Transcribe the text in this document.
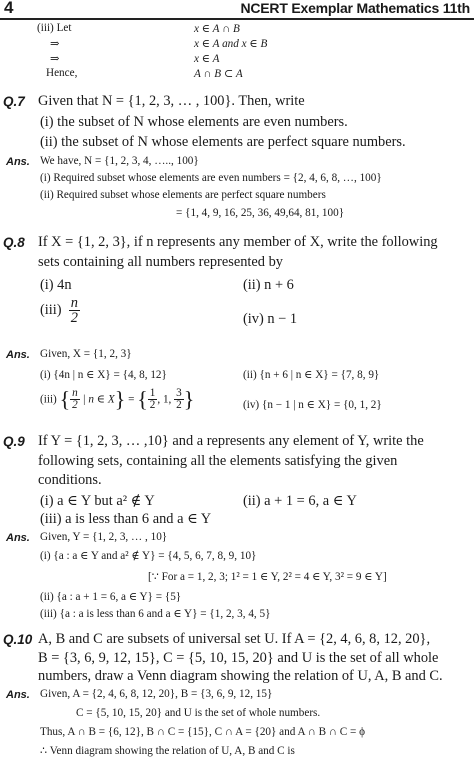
4	NCERT Exemplar Mathematics 11th
(iii) Let	x ∈ A ∩ B
⇒	x ∈ A and x ∈ B
⇒	x ∈ A
Hence,	A ∩ B ⊂ A
Q.7 Given that N = {1, 2, 3, … , 100}. Then, write
(i) the subset of N whose elements are even numbers.
(ii) the subset of N whose elements are perfect square numbers.
Ans. We have, N = {1, 2, 3, 4, ….., 100}
(i) Required subset whose elements are even numbers = {2, 4, 6, 8, …, 100}
(ii) Required subset whose elements are perfect square numbers
= {1, 4, 9, 16, 25, 36, 49,64, 81, 100}
Q.8 If X = {1, 2, 3}, if n represents any member of X, write the following
sets containing all numbers represented by
(i) 4n	(ii) n + 6
$(iii) \frac{n}{2}$	(iv) n − 1
Ans. Given, X = {1, 2, 3}
(i) {4n | n ∈ X} = {4, 8, 12}	(ii) {n + 6 | n ∈ X} = {7, 8, 9}
(iii) { $\frac{n}{2}$ | n ∈ X} = { $\frac{1}{2}$ , 1, $\frac{3}{2}$ }	(iv) {n − 1 | n ∈ X} = {0, 1, 2}
Q.9 If Y = {1, 2, 3, … ,10} and a represents any element of Y, write the
following sets, containing all the elements satisfying the given
conditions.
(i) a ∈ Y but a² ∉ Y	(ii) a + 1 = 6, a ∈ Y
(iii) a is less than 6 and a ∈ Y
Ans. Given, Y = {1, 2, 3, … , 10}
(i) {a : a ∈ Y and a² ∉ Y} = {4, 5, 6, 7, 8, 9, 10}
[∵ For a = 1, 2, 3; 1² = 1 ∈ Y, 2² = 4 ∈ Y, 3² = 9 ∈ Y]
(ii) {a : a + 1 = 6, a ∈ Y} = {5}
(iii) {a : a is less than 6 and a ∈ Y} = {1, 2, 3, 4, 5}
Q.10 A, B and C are subsets of universal set U. If A = {2, 4, 6, 8, 12, 20},
B = {3, 6, 9, 12, 15}, C = {5, 10, 15, 20} and U is the set of all whole
numbers, draw a Venn diagram showing the relation of U, A, B and C.
Ans. Given, A = {2, 4, 6, 8, 12, 20}, B = {3, 6, 9, 12, 15}
C = {5, 10, 15, 20} and U is the set of whole numbers.
Thus, A ∩ B = {6, 12}, B ∩ C = {15}, C ∩ A = {20} and A ∩ B ∩ C = ϕ
∴ Venn diagram showing the relation of U, A, B and C is
